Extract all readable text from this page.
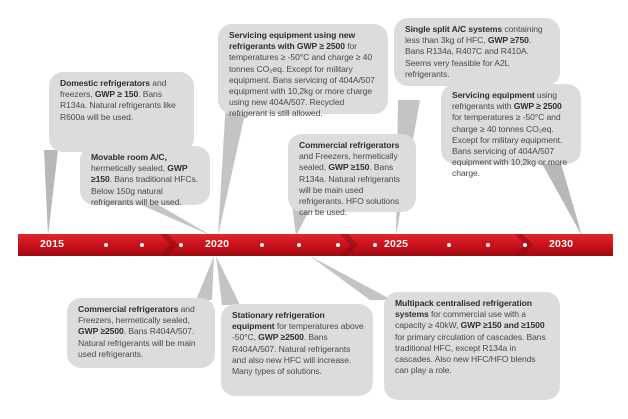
Domestic refrigerators and freezers, GWP ≥ 150. Bans R134a. Natural refrigerants like R600a will be used.
Movable room A/C, hermetically sealed, GWP ≥150. Bans traditional HFCs. Below 150g natural refrigerants will be used.
Servicing equipment using new refrigerants with GWP ≥ 2500 for temperatures ≥ -50°C and charge ≥ 40 tonnes CO₂eq. Except for military equipment. Bans servicing of 404A/507 equipment with 10,2kg or more charge using new 404A/507. Recycled refrigerant is still allowed.
Commercial refrigerators and Freezers, hermetically sealed, GWP ≥150. Bans R134a. Natural refrigerants will be main used refrigerants. HFO solutions can be used.
Single split A/C systems containing less than 3kg of HFC, GWP ≥750. Bans R134a, R407C and R410A. Seems very feasible for A2L refrigerants.
Servicing equipment using refrigerants with GWP ≥ 2500 for temperatures ≥ -50°C and charge ≥ 40 tonnes CO₂eq. Except for military equipment. Bans servicing of 404A/507 equipment with 10,2kg or more charge.
2015	2020	2025	2030
Commercial refrigerators and Freezers, hermetically sealed, GWP ≥2500. Bans R404A/507. Natural refrigerants will be main used refrigerants.
Stationary refrigeration equipment for temperatures above -50°C, GWP ≥2500. Bans R404A/507. Natural refrigerants and also new HFC will increase. Many types of solutions.
Multipack centralised refrigeration systems for commercial use with a capacity ≥ 40kW, GWP ≥150 and ≥1500 for primary circulation of cascades. Bans traditional HFC, except R134a in cascades. Also new HFC/HFO blends can play a role.
